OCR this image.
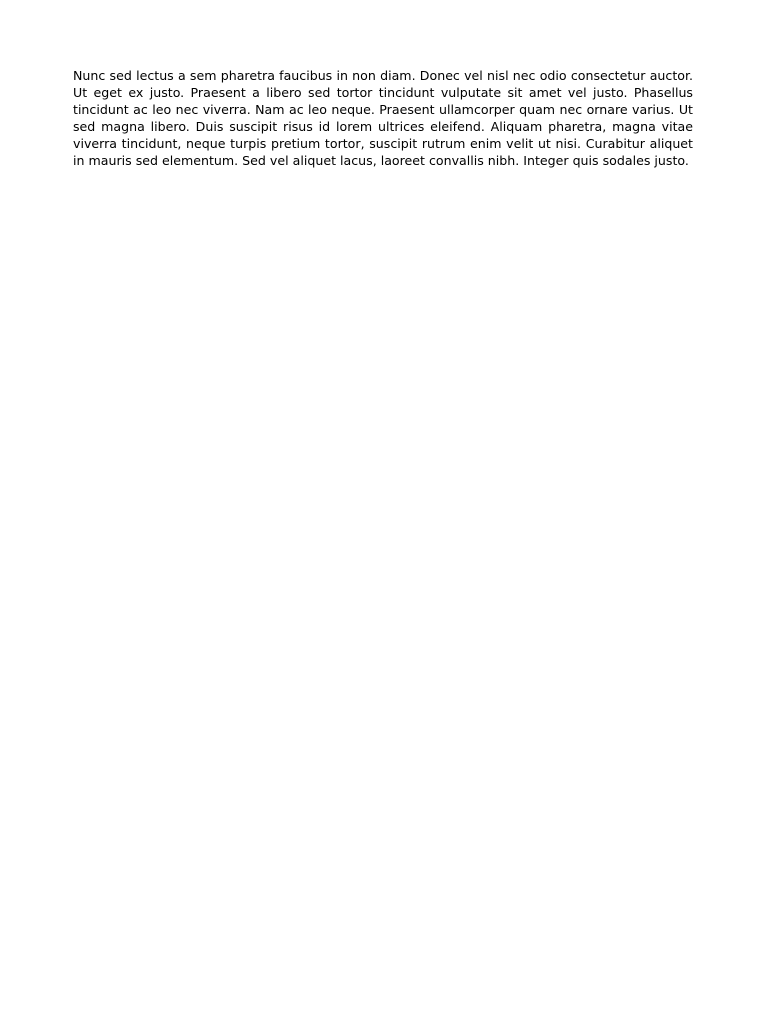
Nunc sed lectus a sem pharetra faucibus in non diam. Donec vel nisl nec odio consectetur auctor. Ut eget ex justo. Praesent a libero sed tortor tincidunt vulputate sit amet vel justo. Phasellus tincidunt ac leo nec viverra. Nam ac leo neque. Praesent ullamcorper quam nec ornare varius. Ut sed magna libero. Duis suscipit risus id lorem ultrices eleifend. Aliquam pharetra, magna vitae viverra tincidunt, neque turpis pretium tortor, suscipit rutrum enim velit ut nisi. Curabitur aliquet in mauris sed elementum. Sed vel aliquet lacus, laoreet convallis nibh. Integer quis sodales justo.
